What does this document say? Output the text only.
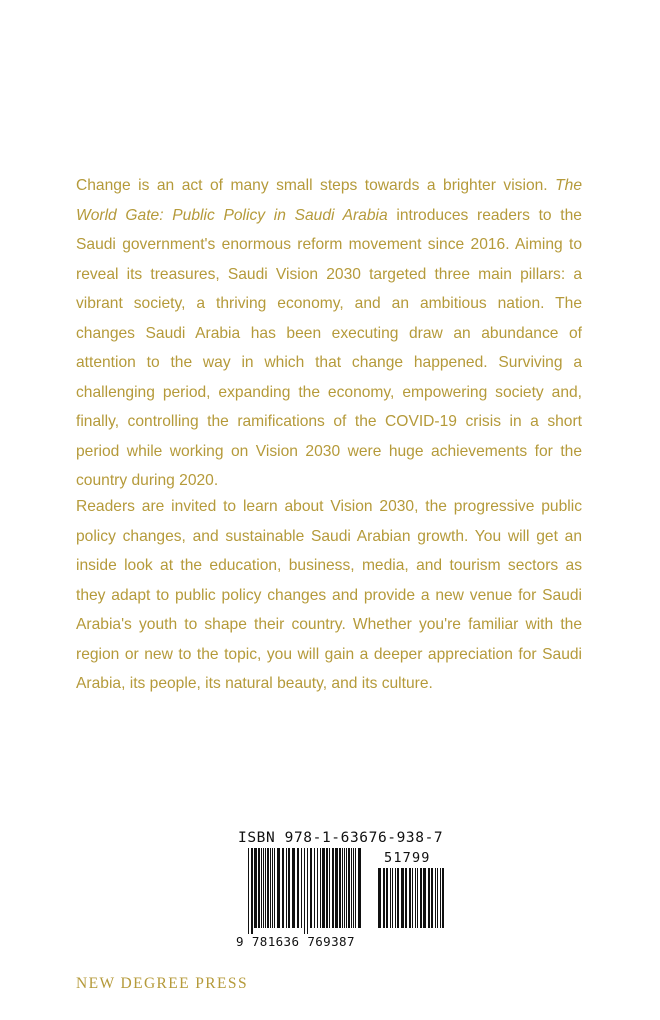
Change is an act of many small steps towards a brighter vision. The World Gate: Public Policy in Saudi Arabia introduces readers to the Saudi government's enormous reform movement since 2016. Aiming to reveal its treasures, Saudi Vision 2030 targeted three main pillars: a vibrant society, a thriving economy, and an ambitious nation. The changes Saudi Arabia has been executing draw an abundance of attention to the way in which that change happened. Surviving a challenging period, expanding the economy, empowering society and, finally, controlling the ramifications of the COVID-19 crisis in a short period while working on Vision 2030 were huge achievements for the country during 2020.

Readers are invited to learn about Vision 2030, the progressive public policy changes, and sustainable Saudi Arabian growth. You will get an inside look at the education, business, media, and tourism sectors as they adapt to public policy changes and provide a new venue for Saudi Arabia's youth to shape their country. Whether you're familiar with the region or new to the topic, you will gain a deeper appreciation for Saudi Arabia, its people, its natural beauty, and its culture.

ISBN 978-1-63676-938-7

51799

9 781636 769387

NEW DEGREE PRESS
